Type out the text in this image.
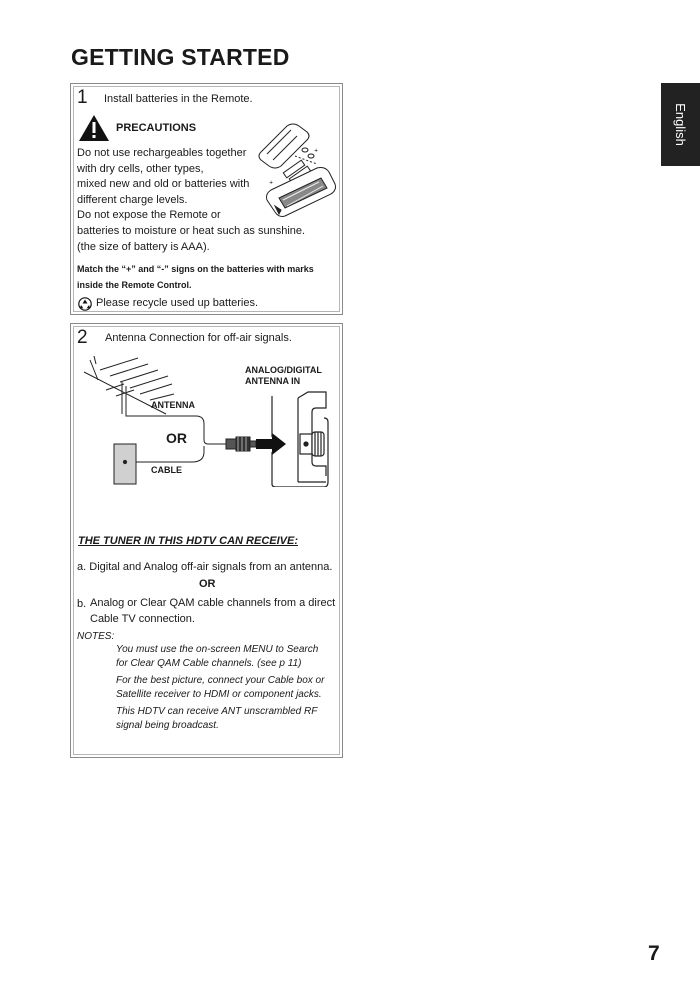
GETTING STARTED
English
1 Install batteries in the Remote.
PRECAUTIONS
+
+
Do not use rechargeables together
with dry cells, other types,
mixed new and old or batteries with
different charge levels.
Do not expose the Remote or
batteries to moisture or heat such as sunshine.
(the size of battery is AAA).
Match the “+” and “-” signs on the batteries with marks
inside the Remote Control.
Please recycle used up batteries.
2 Antenna Connection for off-air signals.
ANALOG/DIGITAL
ANTENNA IN
ANTENNA
OR
CABLE
THE TUNER IN THIS HDTV CAN RECEIVE:
a. Digital and Analog off-air signals from an antenna.
OR
b. Analog or Clear QAM cable channels from a direct
Cable TV connection.
NOTES:
You must use the on-screen MENU to Search
for Clear QAM Cable channels. (see p 11)
For the best picture, connect your Cable box or
Satellite receiver to HDMI or component jacks.
This HDTV can receive ANT unscrambled RF
signal being broadcast.
7
